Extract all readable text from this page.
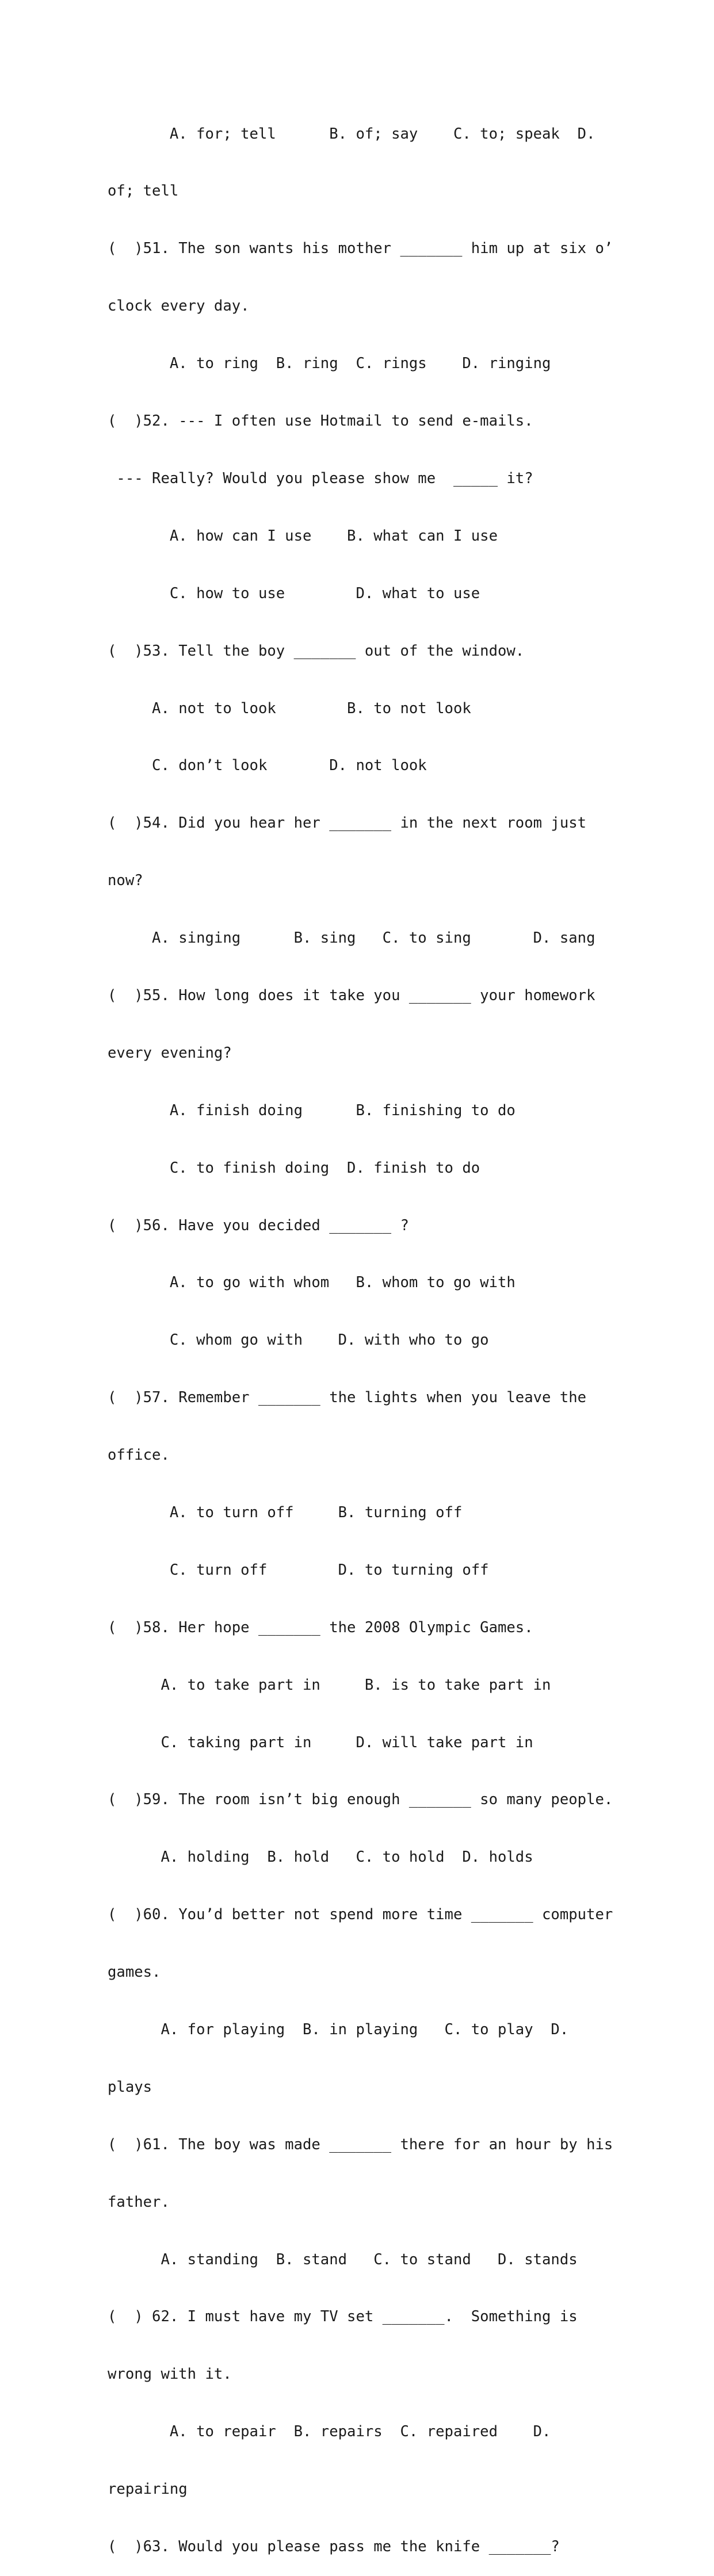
A. for; tell      B. of; say    C. to; speak  D.

of; tell

(  )51. The son wants his mother _______ him up at six o’

clock every day.

A. to ring  B. ring  C. rings    D. ringing

(  )52. --- I often use Hotmail to send e-mails.

--- Really? Would you please show me  _____ it?

A. how can I use    B. what can I use

C. how to use        D. what to use

(  )53. Tell the boy _______ out of the window.

A. not to look        B. to not look

C. don’t look       D. not look

(  )54. Did you hear her _______ in the next room just

now?

A. singing      B. sing   C. to sing       D. sang

(  )55. How long does it take you _______ your homework

every evening?

A. finish doing      B. finishing to do

C. to finish doing  D. finish to do

(  )56. Have you decided _______ ?

A. to go with whom   B. whom to go with

C. whom go with    D. with who to go

(  )57. Remember _______ the lights when you leave the

office.

A. to turn off     B. turning off

C. turn off        D. to turning off

(  )58. Her hope _______ the 2008 Olympic Games.

A. to take part in     B. is to take part in

C. taking part in     D. will take part in

(  )59. The room isn’t big enough _______ so many people.

A. holding  B. hold   C. to hold  D. holds

(  )60. You’d better not spend more time _______ computer

games.

A. for playing  B. in playing   C. to play  D.

plays

(  )61. The boy was made _______ there for an hour by his

father.

A. standing  B. stand   C. to stand   D. stands

(  ) 62. I must have my TV set _______.  Something is

wrong with it.

A. to repair  B. repairs  C. repaired    D.

repairing

(  )63. Would you please pass me the knife _______?
